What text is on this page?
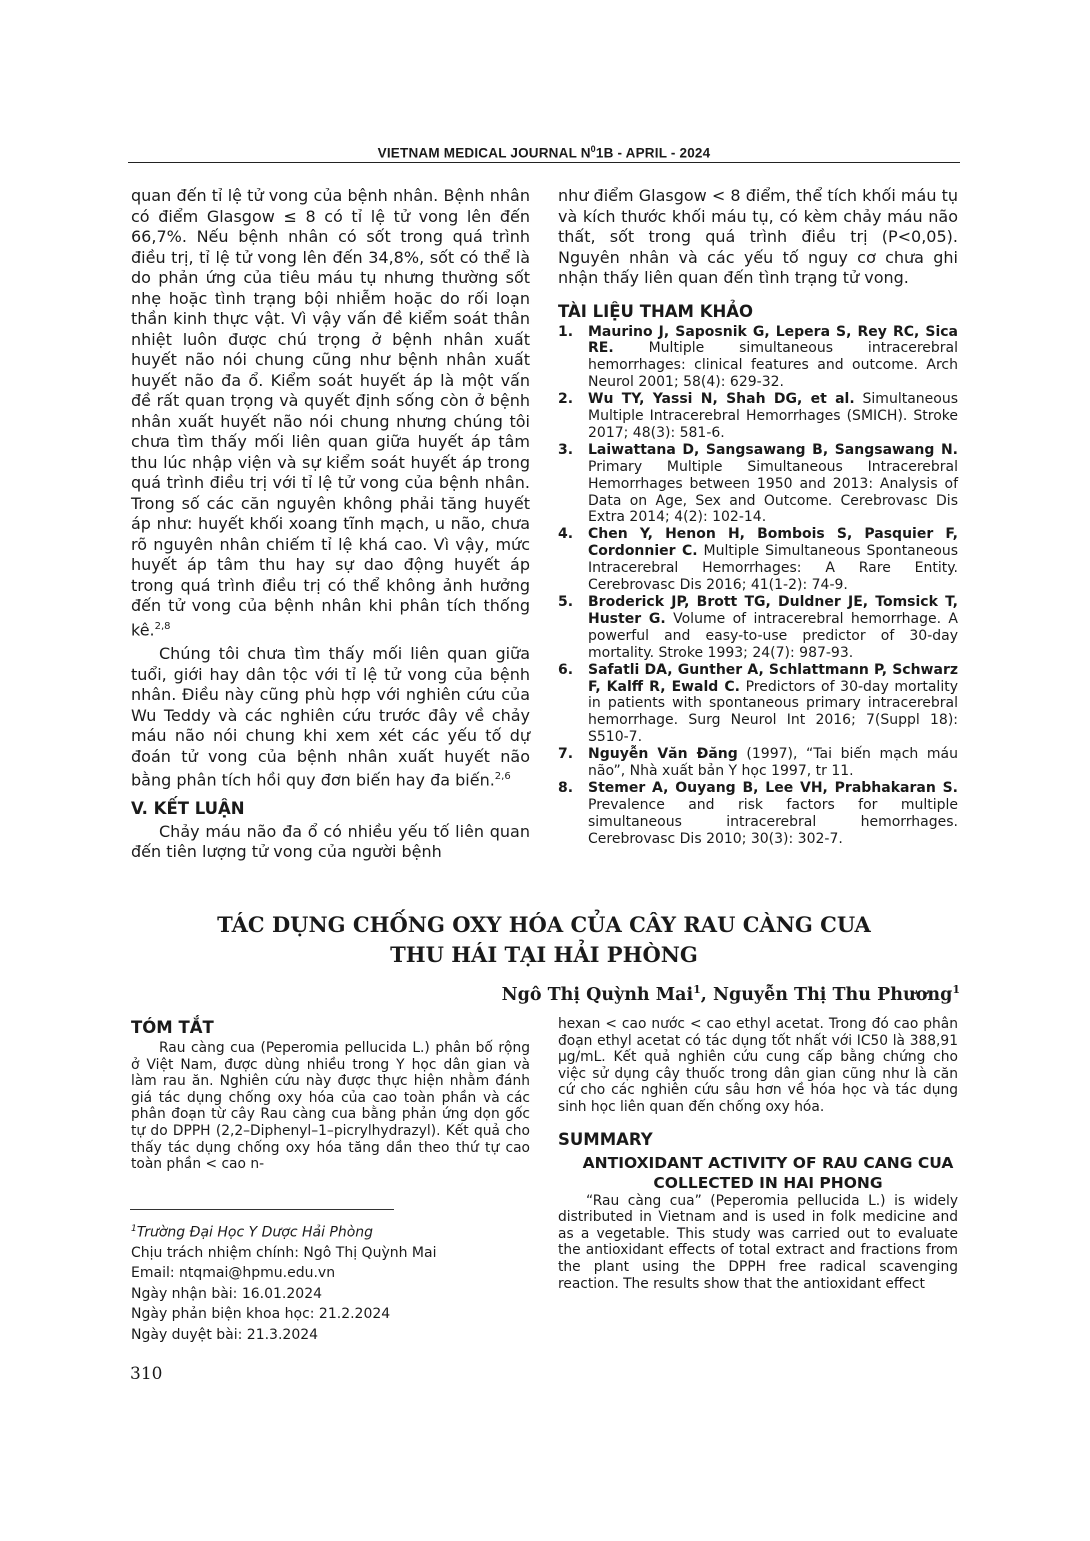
VIETNAM MEDICAL JOURNAL $N^01B$ - APRIL - 2024

quan đến tỉ lệ tử vong của bệnh nhân. Bệnh nhân có điểm Glasgow ≤ 8 có tỉ lệ tử vong lên đến 66,7%. Nếu bệnh nhân có sốt trong quá trình điều trị, tỉ lệ tử vong lên đến 34,8%, sốt có thể là do phản ứng của tiêu máu tụ nhưng thường sốt nhẹ hoặc tình trạng bội nhiễm hoặc do rối loạn thần kinh thực vật. Vì vậy vấn đề kiểm soát thân nhiệt luôn được chú trọng ở bệnh nhân xuất huyết não nói chung cũng như bệnh nhân xuất huyết não đa ổ. Kiểm soát huyết áp là một vấn đề rất quan trọng và quyết định sống còn ở bệnh nhân xuất huyết não nói chung nhưng chúng tôi chưa tìm thấy mối liên quan giữa huyết áp tâm thu lúc nhập viện và sự kiểm soát huyết áp trong quá trình điều trị với tỉ lệ tử vong của bệnh nhân. Trong số các căn nguyên không phải tăng huyết áp như: huyết khối xoang tĩnh mạch, u não, chưa rõ nguyên nhân chiếm tỉ lệ khá cao. Vì vậy, mức huyết áp tâm thu hay sự dao động huyết áp trong quá trình điều trị có thể không ảnh hưởng đến tử vong của bệnh nhân khi phân tích thống kê.$^{2,8}$

Chúng tôi chưa tìm thấy mối liên quan giữa tuổi, giới hay dân tộc với tỉ lệ tử vong của bệnh nhân. Điều này cũng phù hợp với nghiên cứu của Wu Teddy và các nghiên cứu trước đây về chảy máu não nói chung khi xem xét các yếu tố dự đoán tử vong của bệnh nhân xuất huyết não bằng phân tích hồi quy đơn biến hay đa biến.$^{2,6}$

V. KẾT LUẬN

Chảy máu não đa ổ có nhiều yếu tố liên quan đến tiên lượng tử vong của người bệnh

như điểm Glasgow < 8 điểm, thể tích khối máu tụ và kích thước khối máu tụ, có kèm chảy máu não thất, sốt trong quá trình điều trị (P<0,05). Nguyên nhân và các yếu tố nguy cơ chưa ghi nhận thấy liên quan đến tình trạng tử vong.

TÀI LIỆU THAM KHẢO
1.	Maurino J, Saposnik G, Lepera S, Rey RC, Sica RE. Multiple simultaneous intracerebral hemorrhages: clinical features and outcome. Arch Neurol 2001; 58(4): 629-32.
2.	Wu TY, Yassi N, Shah DG, et al. Simultaneous Multiple Intracerebral Hemorrhages (SMICH). Stroke 2017; 48(3): 581-6.
3.	Laiwattana D, Sangsawang B, Sangsawang N. Primary Multiple Simultaneous Intracerebral Hemorrhages between 1950 and 2013: Analysis of Data on Age, Sex and Outcome. Cerebrovasc Dis Extra 2014; 4(2): 102-14.
4.	Chen Y, Henon H, Bombois S, Pasquier F, Cordonnier C. Multiple Simultaneous Spontaneous Intracerebral Hemorrhages: A Rare Entity. Cerebrovasc Dis 2016; 41(1-2): 74-9.
5.	Broderick JP, Brott TG, Duldner JE, Tomsick T, Huster G. Volume of intracerebral hemorrhage. A powerful and easy-to-use predictor of 30-day mortality. Stroke 1993; 24(7): 987-93.
6.	Safatli DA, Gunther A, Schlattmann P, Schwarz F, Kalff R, Ewald C. Predictors of 30-day mortality in patients with spontaneous primary intracerebral hemorrhage. Surg Neurol Int 2016; 7(Suppl 18): S510-7.
7.	Nguyễn Văn Đăng (1997), “Tai biến mạch máu não”, Nhà xuất bản Y học 1997, tr 11.
8.	Stemer A, Ouyang B, Lee VH, Prabhakaran S. Prevalence and risk factors for multiple simultaneous intracerebral hemorrhages. Cerebrovasc Dis 2010; 30(3): 302-7.
TÁC DỤNG CHỐNG OXY HÓA CỦA CÂY RAU CÀNG CUA
THU HÁI TẠI HẢI PHÒNG
Ngô Thị Quỳnh Mai$^1$, Nguyễn Thị Thu Phương$^1$
TÓM TẮT

Rau càng cua (Peperomia pellucida L.) phân bố rộng ở Việt Nam, được dùng nhiều trong Y học dân gian và làm rau ăn. Nghiên cứu này được thực hiện nhằm đánh giá tác dụng chống oxy hóa của cao toàn phần và các phân đoạn từ cây Rau càng cua bằng phản ứng dọn gốc tự do DPPH (2,2–Diphenyl–1–picrylhydrazyl). Kết quả cho thấy tác dụng chống oxy hóa tăng dần theo thứ tự cao toàn phần < cao n-

hexan < cao nước < cao ethyl acetat. Trong đó cao phân đoạn ethyl acetat có tác dụng tốt nhất với IC50 là 388,91 μg/mL. Kết quả nghiên cứu cung cấp bằng chứng cho việc sử dụng cây thuốc trong dân gian cũng như là căn cứ cho các nghiên cứu sâu hơn về hóa học và tác dụng sinh học liên quan đến chống oxy hóa.

SUMMARY
ANTIOXIDANT ACTIVITY OF RAU CANG CUA COLLECTED IN HAI PHONG

“Rau càng cua” (Peperomia pellucida L.) is widely distributed in Vietnam and is used in folk medicine and as a vegetable. This study was carried out to evaluate the antioxidant effects of total extract and fractions from the plant using the DPPH free radical scavenging reaction. The results show that the antioxidant effect

$^1$Trường Đại Học Y Dược Hải Phòng
Chịu trách nhiệm chính: Ngô Thị Quỳnh Mai
Email: ntqmai@hpmu.edu.vn
Ngày nhận bài: 16.01.2024
Ngày phản biện khoa học: 21.2.2024
Ngày duyệt bài: 21.3.2024
310
